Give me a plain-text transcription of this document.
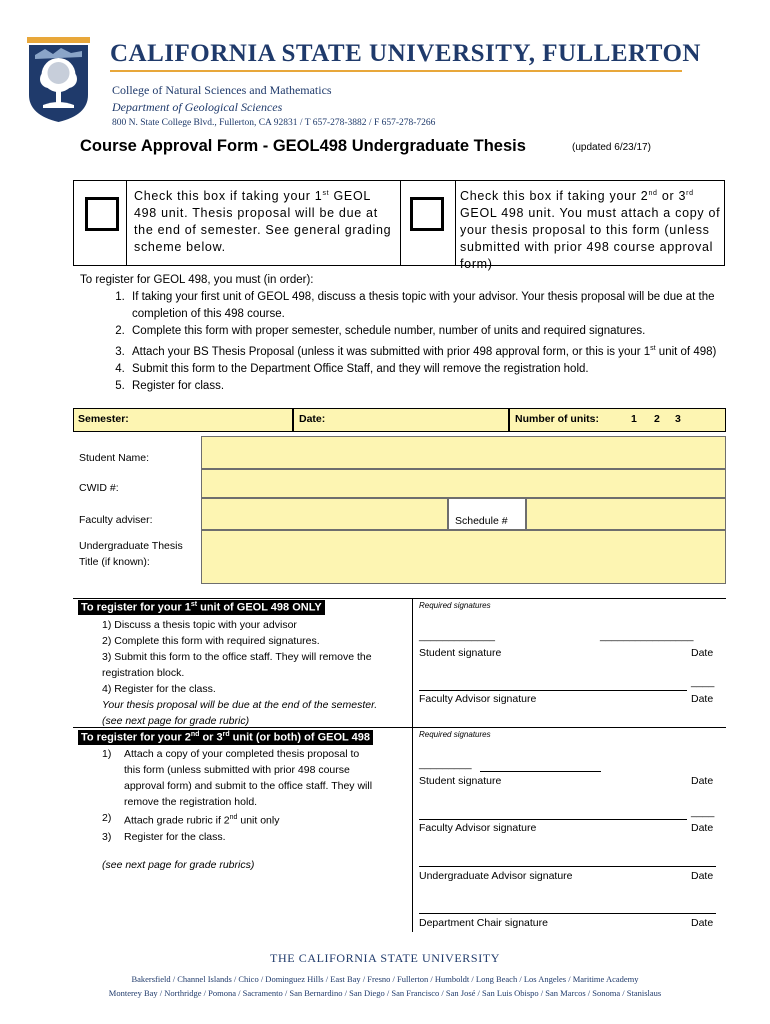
CALIFORNIA STATE UNIVERSITY, FULLERTON
College of Natural Sciences and Mathematics
Department of Geological Sciences
800 N. State College Blvd., Fullerton, CA 92831 / T 657-278-3882 / F 657-278-7266
Course Approval Form - GEOL498 Undergraduate Thesis	(updated 6/23/17)
Check this box if taking your 1st GEOL 498 unit. Thesis proposal will be due at the end of semester. See general grading scheme below.
Check this box if taking your 2nd or 3rd GEOL 498 unit. You must attach a copy of your thesis proposal to this form (unless submitted with prior 498 course approval form)
To register for GEOL 498, you must (in order):
1. If taking your first unit of GEOL 498, discuss a thesis topic with your advisor. Your thesis proposal will be due at the completion of this 498 course.
2. Complete this form with proper semester, schedule number, number of units and required signatures.
3. Attach your BS Thesis Proposal (unless it was submitted with prior 498 approval form, or this is your 1st unit of 498)
4. Submit this form to the Department Office Staff, and they will remove the registration hold.
5. Register for class.
Semester:	Date:	Number of units:	1 2 3
Student Name:
CWID #:
Faculty adviser:	Schedule #
Undergraduate Thesis
Title (if known):
To register for your 1st unit of GEOL 498 ONLY
1) Discuss a thesis topic with your advisor
2) Complete this form with required signatures.
3) Submit this form to the office staff. They will remove the
registration block.
4) Register for the class.
Your thesis proposal will be due at the end of the semester.
(see next page for grade rubric)
Required signatures
_____________	________________
Student signature	Date
____
Faculty Advisor signature	Date
To register for your 2nd or 3rd unit (or both) of GEOL 498
1) Attach a copy of your completed thesis proposal to
this form (unless submitted with prior 498 course
approval form) and submit to the office staff. They will
remove the registration hold.
2) Attach grade rubric if 2nd unit only
3) Register for the class.
(see next page for grade rubrics)
Required signatures
_________
Student signature	Date
____
Faculty Advisor signature	Date
Undergraduate Advisor signature	Date
Department Chair signature	Date
THE CALIFORNIA STATE UNIVERSITY
Bakersfield / Channel Islands / Chico / Dominguez Hills / East Bay / Fresno / Fullerton / Humboldt / Long Beach / Los Angeles / Maritime Academy
Monterey Bay / Northridge / Pomona / Sacramento / San Bernardino / San Diego / San Francisco / San José / San Luis Obispo / San Marcos / Sonoma / Stanislaus
